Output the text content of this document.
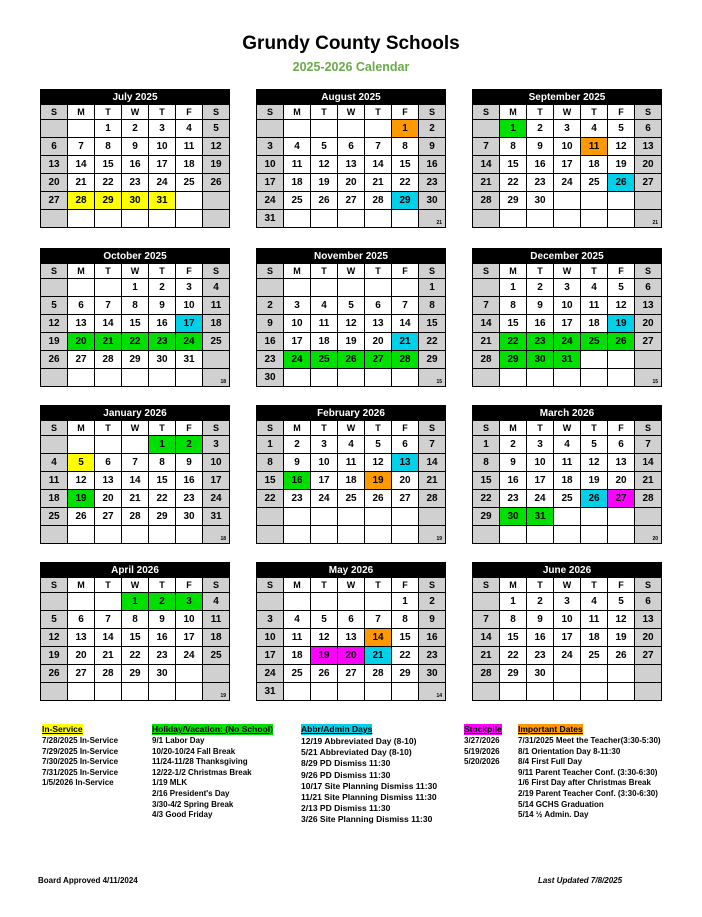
Grundy County Schools
2025-2026 Calendar
July 2025						
S	M	T	W	T	F	S
		1	2	3	4	5
6	7	8	9	10	11	12
13	14	15	16	17	18	19
20	21	22	23	24	25	26
27	28	29	30	31		

August 2025						
S	M	T	W	T	F	S
					1	2
3	4	5	6	7	8	9
10	11	12	13	14	15	16
17	18	19	20	21	22	23
24	25	26	27	28	29	30
31						21
September 2025						
S	M	T	W	T	F	S
	1	2	3	4	5	6
7	8	9	10	11	12	13
14	15	16	17	18	19	20
21	22	23	24	25	26	27
28	29	30				

						21
October 2025						
S	M	T	W	T	F	S
			1	2	3	4
5	6	7	8	9	10	11
12	13	14	15	16	17	18
19	20	21	22	23	24	25
26	27	28	29	30	31	

						18
November 2025						
S	M	T	W	T	F	S
						1
2	3	4	5	6	7	8
9	10	11	12	13	14	15
16	17	18	19	20	21	22
23	24	25	26	27	28	29
30						15
December 2025						
S	M	T	W	T	F	S
	1	2	3	4	5	6
7	8	9	10	11	12	13
14	15	16	17	18	19	20
21	22	23	24	25	26	27
28	29	30	31			

						15
January 2026						
S	M	T	W	T	F	S
				1	2	3
4	5	6	7	8	9	10
11	12	13	14	15	16	17
18	19	20	21	22	23	24
25	26	27	28	29	30	31

						18
February 2026						
S	M	T	W	T	F	S
1	2	3	4	5	6	7
8	9	10	11	12	13	14
15	16	17	18	19	20	21
22	23	24	25	26	27	28

						19
March 2026						
S	M	T	W	T	F	S
1	2	3	4	5	6	7
8	9	10	11	12	13	14
15	16	17	18	19	20	21
22	23	24	25	26	27	28
29	30	31				

						20
April 2026						
S	M	T	W	T	F	S
			1	2	3	4
5	6	7	8	9	10	11
12	13	14	15	16	17	18
19	20	21	22	23	24	25
26	27	28	29	30		

						19
May 2026						
S	M	T	W	T	F	S
					1	2
3	4	5	6	7	8	9
10	11	12	13	14	15	16
17	18	19	20	21	22	23
24	25	26	27	28	29	30
31						14
June 2026						
S	M	T	W	T	F	S
	1	2	3	4	5	6
7	8	9	10	11	12	13
14	15	16	17	18	19	20
21	22	23	24	25	26	27
28	29	30				

In-Service
7/28/2025 In-Service
7/29/2025 In-Service
7/30/2025 In-Service
7/31/2025 In-Service
1/5/2026 In-Service
Holiday/Vacation: (No School)
9/1 Labor Day
10/20-10/24 Fall Break
11/24-11/28 Thanksgiving
12/22-1/2 Christmas Break
1/19 MLK
2/16 President's Day
3/30-4/2 Spring Break
4/3 Good Friday
Abbr/Admin Days
12/19 Abbreviated Day (8-10)
5/21 Abbreviated Day (8-10)
8/29 PD Dismiss 11:30
9/26 PD Dismiss 11:30
10/17 Site Planning Dismiss 11:30
11/21 Site Planning Dismiss 11:30
2/13 PD Dismiss 11:30
3/26 Site Planning Dismiss 11:30
Stockpile
3/27/2026
5/19/2026
5/20/2026
Important Dates
7/31/2025 Meet the Teacher(3:30-5:30)
8/1 Orientation Day 8-11:30
8/4 First Full Day
9/11 Parent Teacher Conf. (3:30-6:30)
1/6 First Day after Christmas Break
2/19 Parent Teacher Conf. (3:30-6:30)
5/14 GCHS Graduation
5/14 ½ Admin. Day
Board Approved 4/11/2024	Last Updated 7/8/2025
